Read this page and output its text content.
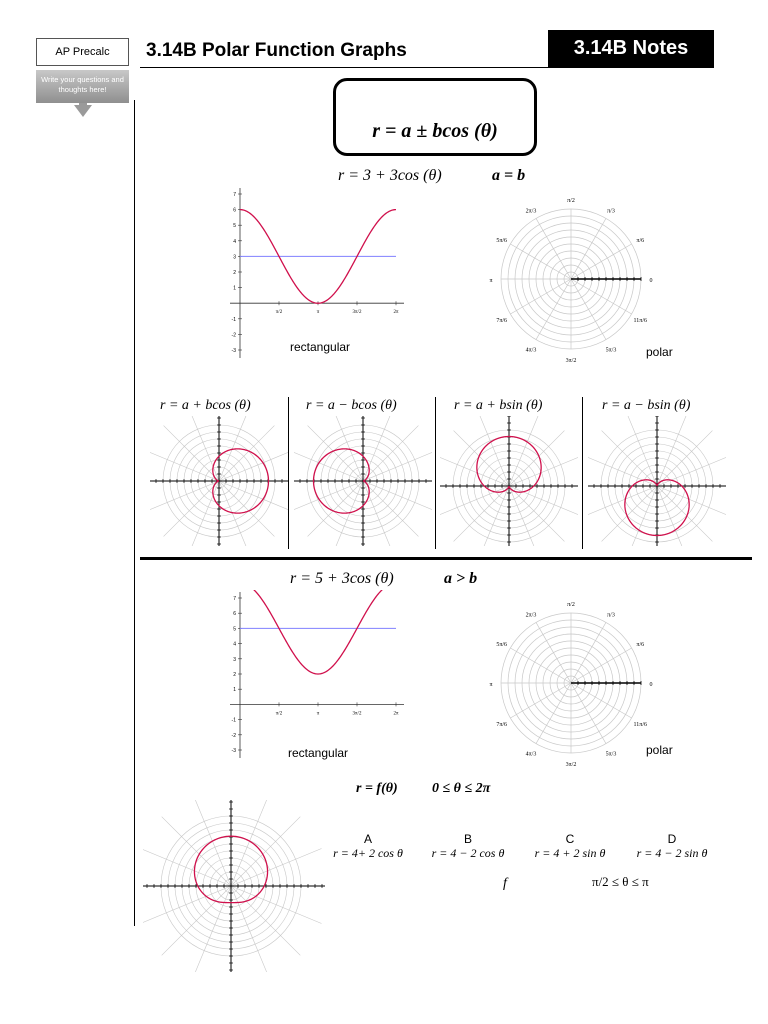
AP Precalc
Write your questions and thoughts here!
3.14B Polar Function Graphs	3.14B Notes
r = a ± bcos (θ)
r = 3 + 3cos (θ)	a = b
-3
-2
-1
1
2
3
4
5
6
7
π/2	π	3π/2	2π
rectangular
0
π/6
π/3
π/2
2π/3
5π/6
π
7π/6
4π/3
3π/2
5π/3
11π/6
polar
r = a + bcos (θ)	r = a − bcos (θ)	r = a + bsin (θ)	r = a − bsin (θ)
r = 5 + 3cos (θ)	a > b
-3
-2
-1
1
2
3
4
5
6
7
π/2	π	3π/2	2π
rectangular
0
π/6
π/3
π/2
2π/3
5π/6
π
7π/6
4π/3
3π/2
5π/3
11π/6
polar
r = f(θ) 0 ≤ θ ≤ 2π
A
r = 4+ 2 cos θ
B
r = 4 − 2 cos θ
C
r = 4 + 2 sin θ
D
r = 4 − 2 sin θ
f	π/2 ≤ θ ≤ π
